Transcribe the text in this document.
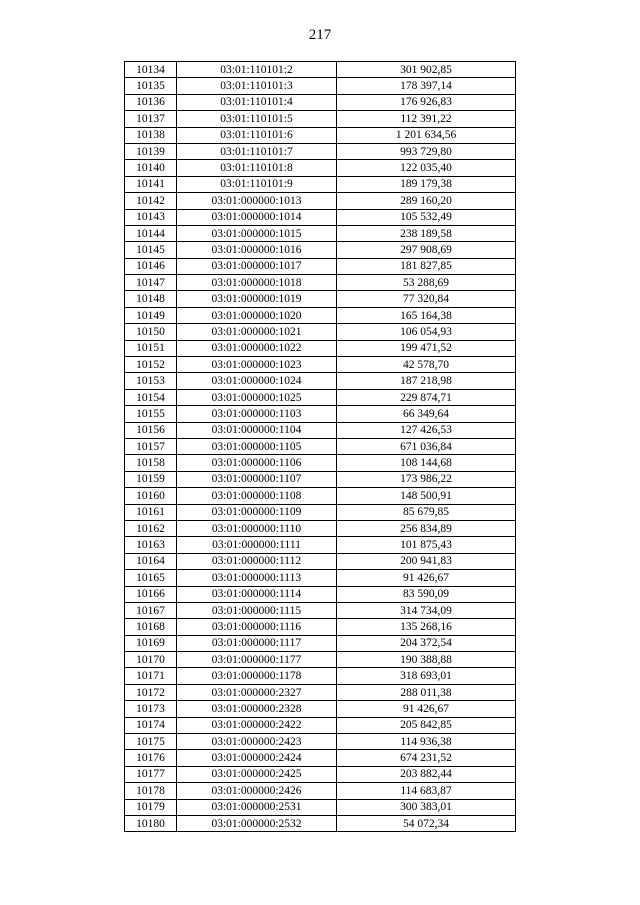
217
10134	03:01:110101:2	301 902,85
10135	03:01:110101:3	178 397,14
10136	03:01:110101:4	176 926,83
10137	03:01:110101:5	112 391,22
10138	03:01:110101:6	1 201 634,56
10139	03:01:110101:7	993 729,80
10140	03:01:110101:8	122 035,40
10141	03:01:110101:9	189 179,38
10142	03:01:000000:1013	289 160,20
10143	03:01:000000:1014	105 532,49
10144	03:01:000000:1015	238 189,58
10145	03:01:000000:1016	297 908,69
10146	03:01:000000:1017	181 827,85
10147	03:01:000000:1018	53 288,69
10148	03:01:000000:1019	77 320,84
10149	03:01:000000:1020	165 164,38
10150	03:01:000000:1021	106 054,93
10151	03:01:000000:1022	199 471,52
10152	03:01:000000:1023	42 578,70
10153	03:01:000000:1024	187 218,98
10154	03:01:000000:1025	229 874,71
10155	03:01:000000:1103	66 349,64
10156	03:01:000000:1104	127 426,53
10157	03:01:000000:1105	671 036,84
10158	03:01:000000:1106	108 144,68
10159	03:01:000000:1107	173 986,22
10160	03:01:000000:1108	148 500,91
10161	03:01:000000:1109	85 679,85
10162	03:01:000000:1110	256 834,89
10163	03:01:000000:1111	101 875,43
10164	03:01:000000:1112	200 941,83
10165	03:01:000000:1113	91 426,67
10166	03:01:000000:1114	83 590,09
10167	03:01:000000:1115	314 734,09
10168	03:01:000000:1116	135 268,16
10169	03:01:000000:1117	204 372,54
10170	03:01:000000:1177	190 388,88
10171	03:01:000000:1178	318 693,01
10172	03:01:000000:2327	288 011,38
10173	03:01:000000:2328	91 426,67
10174	03:01:000000:2422	205 842,85
10175	03:01:000000:2423	114 936,38
10176	03:01:000000:2424	674 231,52
10177	03:01:000000:2425	203 882,44
10178	03:01:000000:2426	114 683,87
10179	03:01:000000:2531	300 383,01
10180	03:01:000000:2532	54 072,34
